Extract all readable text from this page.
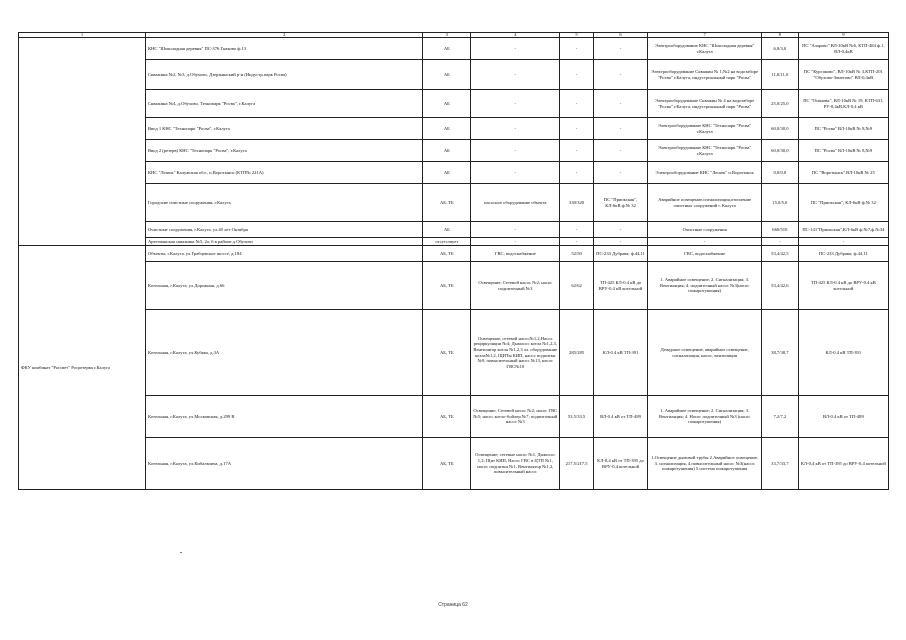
1	2	3	4	5	6	7	8	9
	КНС "Шоколадная деревня" ПС-376 Гнаково ф.13	АБ	-	-	-	Электрооборудование КНС "Шоколадная деревня" г.Калуга	6,8/3,0	ПС "Азарово" ВЛ-10кВ №6, КТП-484 ф.1, ВЛ-0,4кВ
	Скважина №2, №3, д.Обухово, Дзержинский р-н (Индустр.парк Росва)	АБ	-	-	-	Электрооборудование Скважин № 1,№2 на водозаборе "Росва" г.Калуга, индустриальный парк "Росва"	11,0/11,0	ПС "Курсаково", ВЛ-10кВ № 3,КТП-201 "Обухово-Заметово" ВЛ-0,4кВ
	Скважина №4, д.Обухово, Технопарк "Росва", г.Калуга	АБ	-	-	-	Электрооборудование Скважин № 4 на водозаборе "Росва" г.Калуга, индустриальный парк "Росва"	25,0/25,0	ПС "Осиновк", ВЛ-10кВ № 19, КТП-631, РУ-0,4кВ,КЛ-0,4 кВ
	Ввод 1 КНС "Технопарк "Росва", г.Калуга	АБ	-	-	-	Электрооборудование КНС "Технопарк "Росва" г.Калуга	60,0/30,0	ПС "Росва" ВЛ-10кВ № 8,№9
	Ввод 2 (резерв) КНС "Технопарк "Росва", г.Калуга	АБ	-	-	-	Электрооборудование КНС "Технопарк "Росва" г.Калуга	60,0/30,0	ПС "Росва" ВЛ-10кВ № 8,№9
	КНС "Лешок" Калужская обл., п.Воротынск (КТП№ 221А)	АБ	-	-	-	Электрооборудование КНС "Лешок" п.Воротынск	0,0/0,0	ПС "Воротынск" ВЛ-10кВ № 25
	Городские очистные сооружения, г.Калуга	АБ, ТБ	насосное оборудование объекта	330/320	ПС "Приокская", КЛ-6кВ ф.№ 32	Аварийное освещение,сигнализация,отопление очистных сооружений г. Калуга	15,0/5,0	ПС "Приокская", КЛ-6кВ ф.№ 32
	Очистные сооружения, г.Калуга, ул.40 лет Октября	АБ	-	-	-	Очистные сооружения	660/510	ПС-141"Приокская",КЛ-6кВ ф.№7,ф.№34
	Артезианская скважина №5, 2а, 6 в районе д.Обухово	отсутствует	-	-	-	-	-	-
ФКУ комбинат "Рассвет" Росрезерва г.Калуга	Объекты, г.Калуга, ул.Грабцевское шоссе, д.184	АБ, ТБ	ГВС, водоснабжение	52/50	ПС-233 Дубрава; ф.44,11	ГВС, водоснабжение	53,4/42,5	ПС-233 Дубрава; ф.44,11
	Котельная, г.Калуга, ул.Дорожная, д.66	АБ, ТБ	Освещение; Сетевой насос №2; насос подпиточный №3	62/62	ТП-425 КЛ-0.4 кВ до ВРУ-0.4 кВ котельной	1. Аварийное освещение; 2. Сигнализация; 3. Вентиляция; 4. подпиточный насос №3(насос пожаротушения)	53,4/42,6	ТП-425 КЛ-0.4 кВ до ВРУ-0.4 кВ котельной
	Котельная, г.Калуга, ул.Кубяка, д.3А	АБ, ТБ	Освещение, сетевой насос№1,2,Насос рециркуляции №4; Дымосос котла №1,2,3, Вентилятор котла №1,2,3 эл. оборудование котла№1,2, ЩИТы КИП, насос подпитки №9, повысительный насос №13, насос ГВС№10	285/285	КЛ-0.4 кВ ТП-391	Дежурное освещение, аварийное освещение, сигнализация, насос, вентиляция	38,7/38,7	КЛ-0.4 кВ ТП-391
	Котельная, г.Калуга, ул.Московская, д.299 В	АБ, ТБ	Освещение; Сетевой насос №2; насос ГВС №5; насос котло-бойлер №7; подпиточный насос №3	53,5/33,5	ВЛ-0.4 кВ от ТП-489	1. Аварийное освещение; 2. Сигнализация; 3. Вентиляция; 4. Насос подпиточный №3 (насос пожаротушения)	7,2/7,2	ВЛ-0.4 кВ от ТП-489
	Котельная, г.Калуга, ул.Кибальчича, д.17А	АБ, ТБ	Освещение; сетевые насос №1, Дымосос 1,2; Щит КИП, Насос ГВС в ЦТП №1, насос подпитки №1, Вентилятор №1,2, повысительный насос	217,5/217,5	КЛ-0,4 кВ от ТП-395 до ВРУ-0,4 котельной	1.Освещение дымовой трубы 2.Аварийное освещение, 3. сигнализация, 4.повысительный насос №3(насос пожаротушения) 5.система пожаротушения	33,7/33,7	КЛ-0,4 кВ от ТП-395 до ВРУ-0,4 котельной
Страница 62
